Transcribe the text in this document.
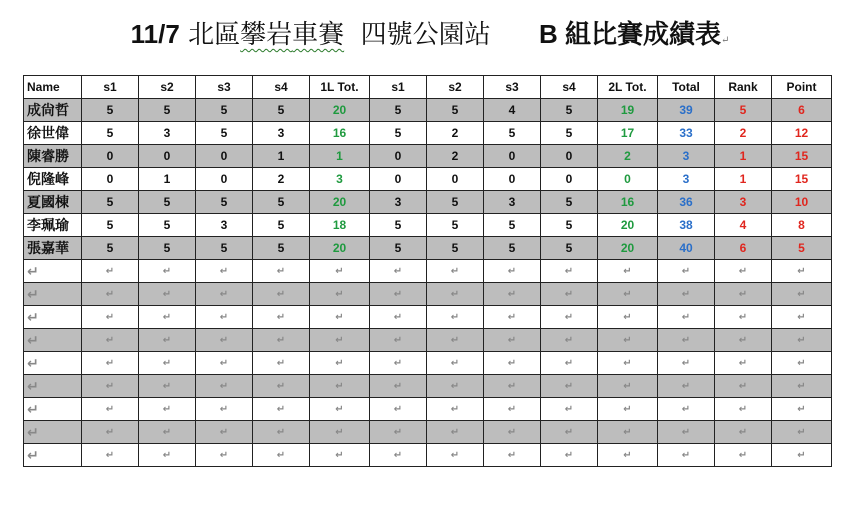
11/7 北區攀岩車賽 四號公園站 B 組比賽成績表↵
Name	s1	s2	s3	s4	1L Tot.	s1	s2	s3	s4	2L Tot.	Total	Rank	Point
成尙哲	5	5	5	5	20	5	5	4	5	19	39	5	6
徐世偉	5	3	5	3	16	5	2	5	5	17	33	2	12
陳睿勝	0	0	0	1	1	0	2	0	0	2	3	1	15
倪隆峰	0	1	0	2	3	0	0	0	0	0	3	1	15
夏國棟	5	5	5	5	20	3	5	3	5	16	36	3	10
李珮瑜	5	5	3	5	18	5	5	5	5	20	38	4	8
張嘉華	5	5	5	5	20	5	5	5	5	20	40	6	5
↵	↵	↵	↵	↵	↵	↵	↵	↵	↵	↵	↵	↵	↵
↵	↵	↵	↵	↵	↵	↵	↵	↵	↵	↵	↵	↵	↵
↵	↵	↵	↵	↵	↵	↵	↵	↵	↵	↵	↵	↵	↵
↵	↵	↵	↵	↵	↵	↵	↵	↵	↵	↵	↵	↵	↵
↵	↵	↵	↵	↵	↵	↵	↵	↵	↵	↵	↵	↵	↵
↵	↵	↵	↵	↵	↵	↵	↵	↵	↵	↵	↵	↵	↵
↵	↵	↵	↵	↵	↵	↵	↵	↵	↵	↵	↵	↵	↵
↵	↵	↵	↵	↵	↵	↵	↵	↵	↵	↵	↵	↵	↵
↵	↵	↵	↵	↵	↵	↵	↵	↵	↵	↵	↵	↵	↵
